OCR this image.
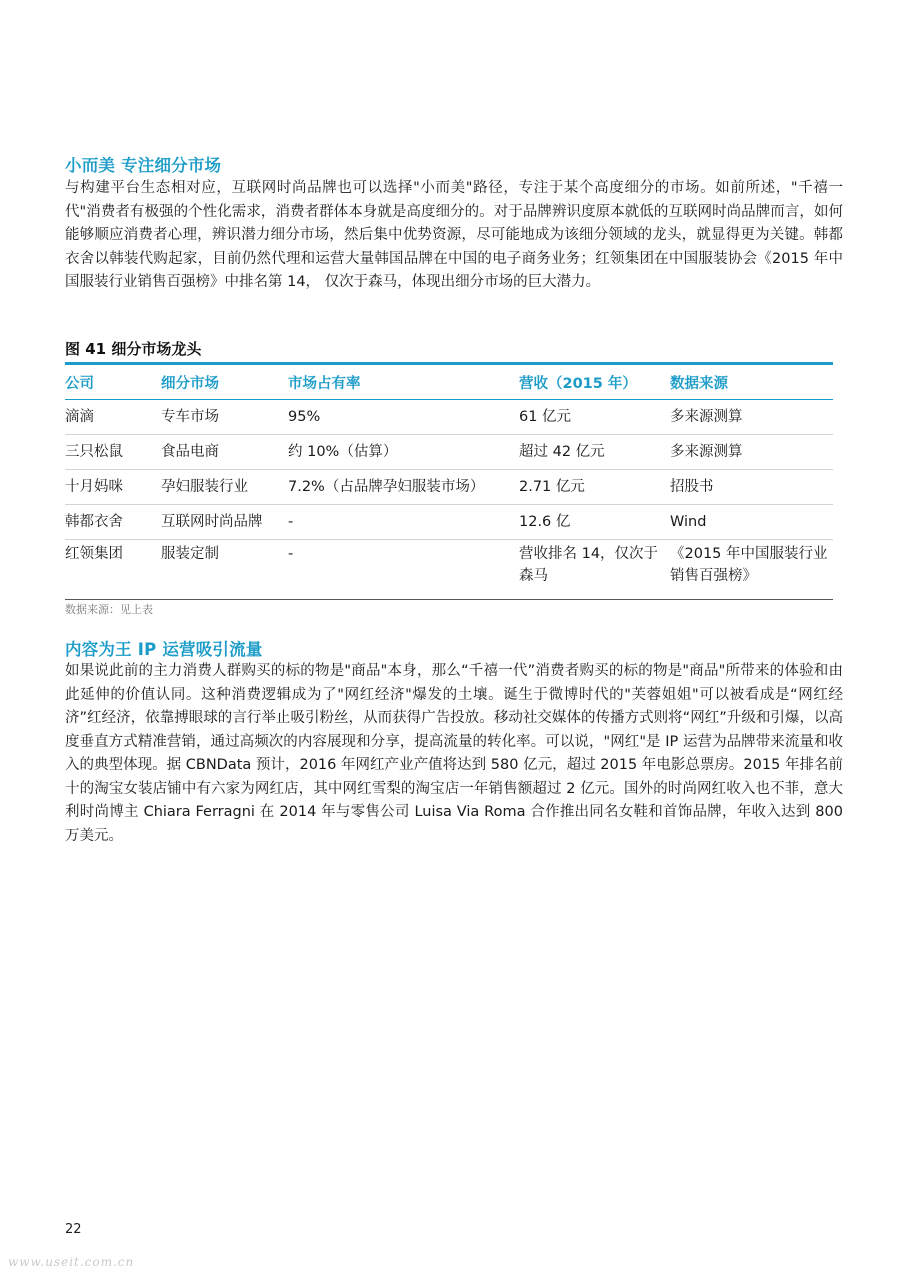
小而美 专注细分市场

与构建平台生态相对应，互联网时尚品牌也可以选择"小而美"路径，专注于某个高度细分的市场。如前所述，"千禧一代"消费者有极强的个性化需求，消费者群体本身就是高度细分的。对于品牌辨识度原本就低的互联网时尚品牌而言，如何能够顺应消费者心理，辨识潜力细分市场，然后集中优势资源，尽可能地成为该细分领域的龙头，就显得更为关键。韩都衣舍以韩装代购起家，目前仍然代理和运营大量韩国品牌在中国的电子商务业务；红领集团在中国服装协会《2015 年中国服装行业销售百强榜》中排名第 14， 仅次于森马，体现出细分市场的巨大潜力。

图 41 细分市场龙头

公司	细分市场	市场占有率	营收（2015 年）	数据来源
滴滴	专车市场	95%	61 亿元	多来源测算
三只松鼠	食品电商	约 10%（估算）	超过 42 亿元	多来源测算
十月妈咪	孕妇服装行业	7.2%（占品牌孕妇服装市场）	2.71 亿元	招股书
韩都衣舍	互联网时尚品牌	-	12.6 亿	Wind
红领集团	服装定制	-	营收排名 14，仅次于森马	《2015 年中国服装行业销售百强榜》

数据来源：见上表

内容为王 IP 运营吸引流量

如果说此前的主力消费人群购买的标的物是"商品"本身，那么“千禧一代”消费者购买的标的物是"商品"所带来的体验和由此延伸的价值认同。这种消费逻辑成为了"网红经济"爆发的土壤。诞生于微博时代的"芙蓉姐姐"可以被看成是“网红经济”红经济，依靠搏眼球的言行举止吸引粉丝，从而获得广告投放。移动社交媒体的传播方式则将“网红”升级和引爆，以高度垂直方式精准营销，通过高频次的内容展现和分享，提高流量的转化率。可以说，"网红"是 IP 运营为品牌带来流量和收入的典型体现。据 CBNData 预计，2016 年网红产业产值将达到 580 亿元，超过 2015 年电影总票房。2015 年排名前十的淘宝女装店铺中有六家为网红店，其中网红雪梨的淘宝店一年销售额超过 2 亿元。国外的时尚网红收入也不菲，意大利时尚博主 Chiara Ferragni 在 2014 年与零售公司 Luisa Via Roma 合作推出同名女鞋和首饰品牌，年收入达到 800 万美元。

22
www.useit.com.cn
